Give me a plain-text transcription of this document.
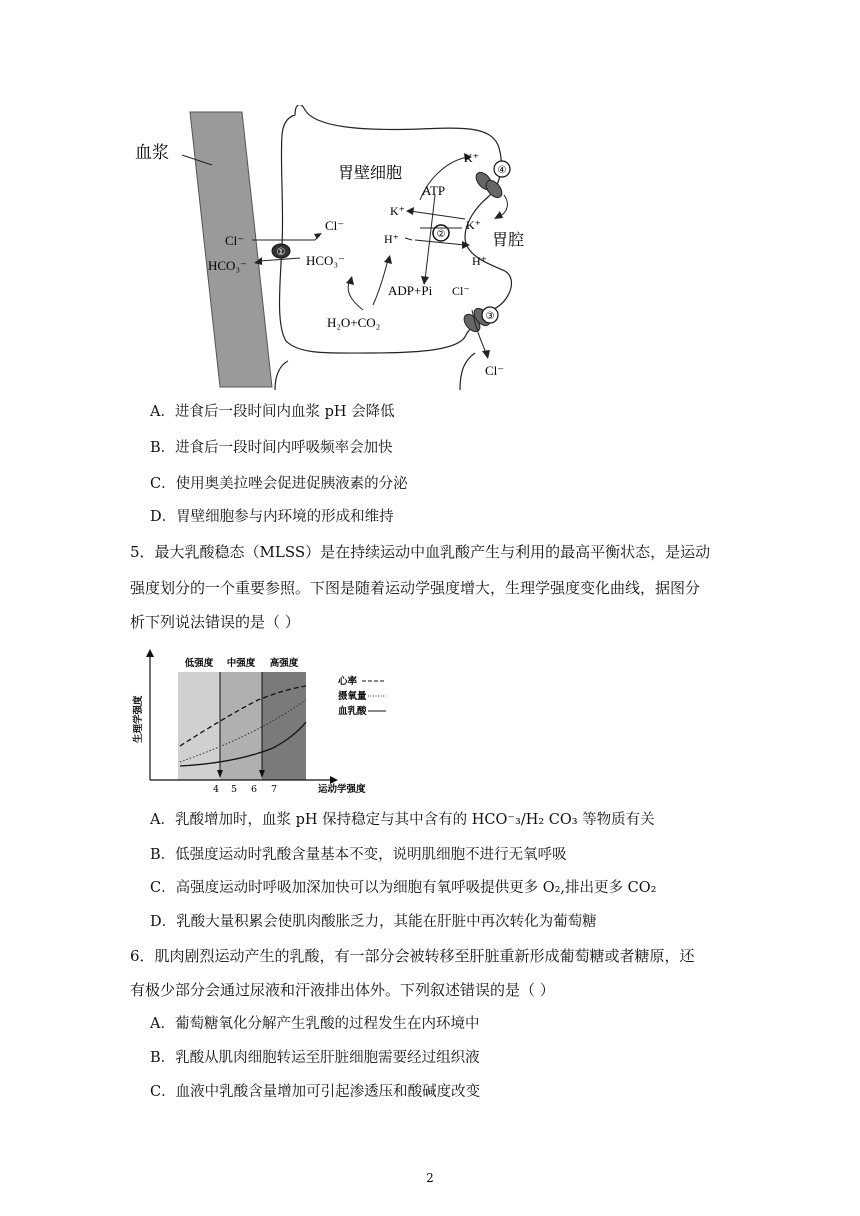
①
②
④
③
血浆
胃壁细胞
胃腔
Cl⁻
Cl⁻
HCO₃⁻	HCO₃⁻
K⁺
ATP
K⁺
K⁺
H⁺
H⁺
ADP+Pi Cl⁻
Cl⁻
H₂O+CO₂
A．进食后一段时间内血浆 pH 会降低
B．进食后一段时间内呼吸频率会加快
C．使用奥美拉唑会促进促胰液素的分泌
D．胃壁细胞参与内环境的形成和维持
5．最大乳酸稳态（MLSS）是在持续运动中血乳酸产生与利用的最高平衡状态，是运动
强度划分的一个重要参照。下图是随着运动学强度增大，生理学强度变化曲线，据图分
析下列说法错误的是（ ）
低强度 中强度 高强度
生理学强度
运动学强度
4 5 6 7
心率
摄氧量
血乳酸
A．乳酸增加时，血浆 pH 保持稳定与其中含有的 HCO⁻₃/H₂ CO₃ 等物质有关
B．低强度运动时乳酸含量基本不变，说明肌细胞不进行无氧呼吸
C．高强度运动时呼吸加深加快可以为细胞有氧呼吸提供更多 O₂,排出更多 CO₂
D．乳酸大量积累会使肌肉酸胀乏力，其能在肝脏中再次转化为葡萄糖
6．肌肉剧烈运动产生的乳酸，有一部分会被转移至肝脏重新形成葡萄糖或者糖原，还
有极少部分会通过尿液和汗液排出体外。下列叙述错误的是（ ）
A．葡萄糖氧化分解产生乳酸的过程发生在内环境中
B．乳酸从肌肉细胞转运至肝脏细胞需要经过组织液
C．血液中乳酸含量增加可引起渗透压和酸碱度改变
2
